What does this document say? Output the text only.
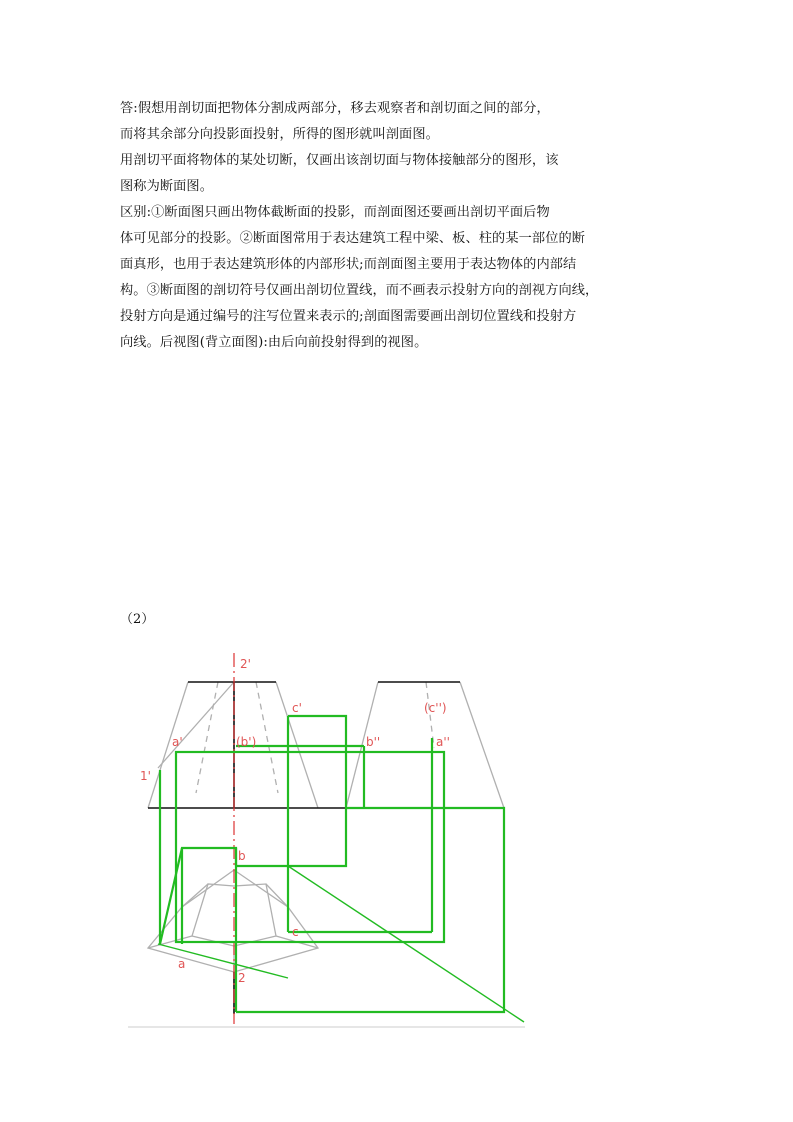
答:假想用剖切面把物体分割成两部分，移去观察者和剖切面之间的部分，
而将其余部分向投影面投射，所得的图形就叫剖面图。
用剖切平面将物体的某处切断，仅画出该剖切面与物体接触部分的图形，该
图称为断面图。
区别:①断面图只画出物体截断面的投影，而剖面图还要画出剖切平面后物
体可见部分的投影。②断面图常用于表达建筑工程中梁、板、柱的某一部位的断
面真形，也用于表达建筑形体的内部形状;而剖面图主要用于表达物体的内部结
构。③断面图的剖切符号仅画出剖切位置线，而不画表示投射方向的剖视方向线，
投射方向是通过编号的注写位置来表示的;剖面图需要画出剖切位置线和投射方
向线。后视图(背立面图):由后向前投射得到的视图。
（2）
2'
c'	(c'')
a'	(b')	b''	a''
1'
b
c
a
2
